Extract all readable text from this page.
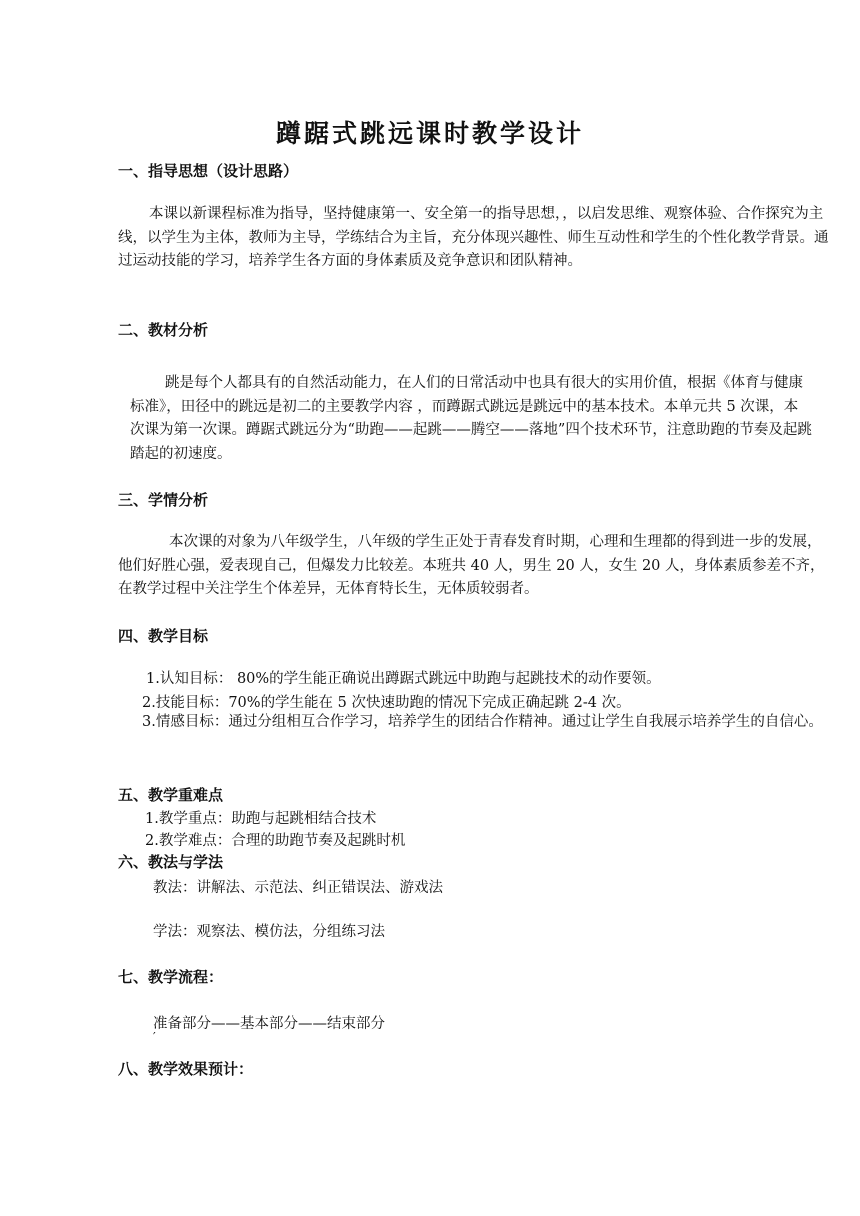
蹲踞式跳远课时教学设计
一、指导思想（设计思路）
本课以新课程标准为指导，坚持健康第一、安全第一的指导思想，，以启发思维、观察体验、合作探究为主线，以学生为主体，教师为主导，学练结合为主旨，充分体现兴趣性、师生互动性和学生的个性化教学背景。通过运动技能的学习，培养学生各方面的身体素质及竞争意识和团队精神。
二、教材分析
跳是每个人都具有的自然活动能力，在人们的日常活动中也具有很大的实用价值，根据《体育与健康标准》，田径中的跳远是初二的主要教学内容 ，而蹲踞式跳远是跳远中的基本技术。本单元共 5 次课，本次课为第一次课。蹲踞式跳远分为“助跑——起跳——腾空——落地”四个技术环节，注意助跑的节奏及起跳踏起的初速度。
三、学情分析
本次课的对象为八年级学生，八年级的学生正处于青春发育时期，心理和生理都的得到进一步的发展，他们好胜心强，爱表现自己，但爆发力比较差。本班共 40 人，男生 20 人，女生 20 人，身体素质参差不齐，在教学过程中关注学生个体差异，无体育特长生，无体质较弱者。
四、教学目标
1.认知目标： 80%的学生能正确说出蹲踞式跳远中助跑与起跳技术的动作要领。
2.技能目标：70%的学生能在 5 次快速助跑的情况下完成正确起跳 2-4 次。
3.情感目标：通过分组相互合作学习，培养学生的团结合作精神。通过让学生自我展示培养学生的自信心。
五、教学重难点
1.教学重点：助跑与起跳相结合技术
2.教学难点：合理的助跑节奏及起跳时机
六、教法与学法
教法：讲解法、示范法、纠正错误法、游戏法
学法：观察法、模仿法，分组练习法
七、教学流程：
准备部分——基本部分——结束部分
′
八、教学效果预计：
